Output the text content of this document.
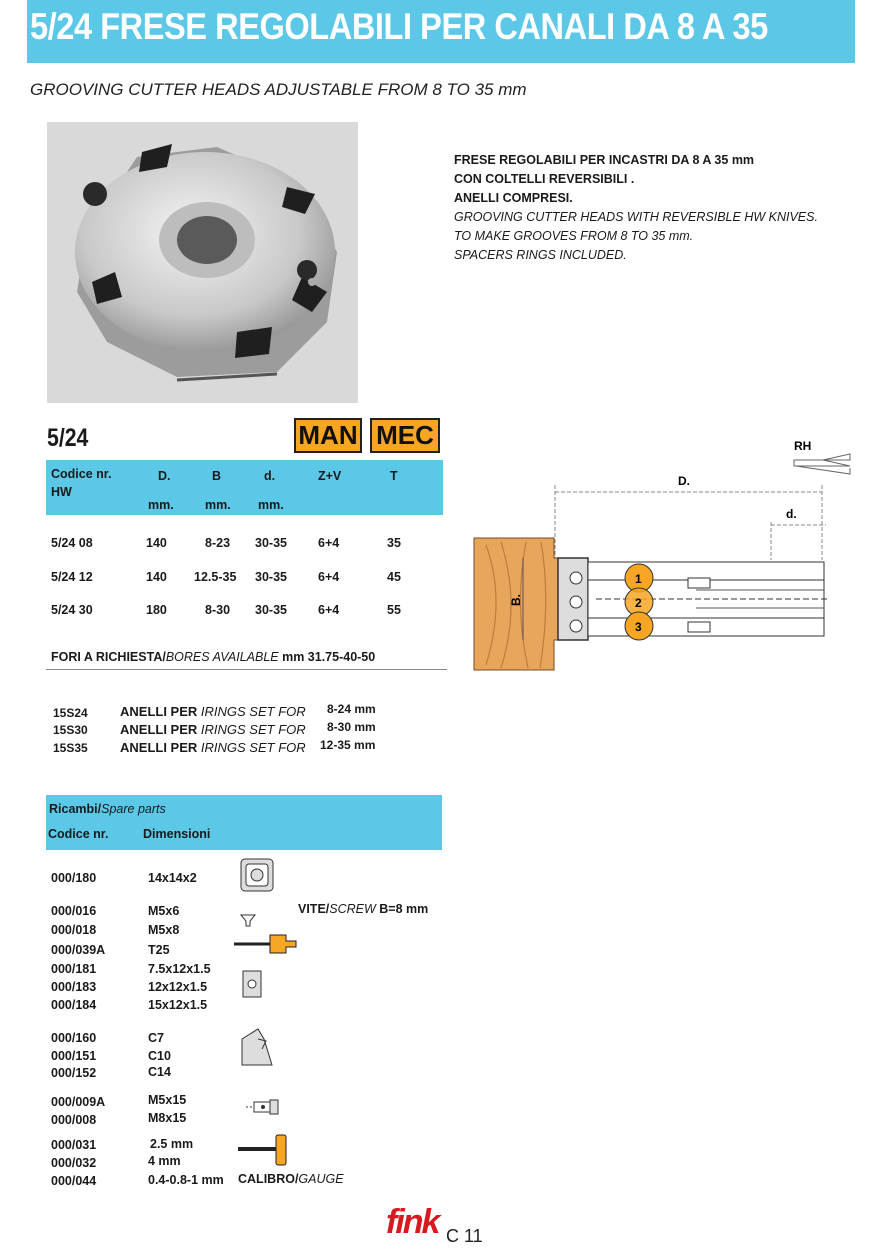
5/24 FRESE REGOLABILI PER CANALI DA 8 A 35
GROOVING CUTTER HEADS ADJUSTABLE FROM 8 TO 35 mm
FRESE REGOLABILI PER INCASTRI DA 8 A 35 mm
CON COLTELLI REVERSIBILI .
ANELLI COMPRESI.
GROOVING CUTTER HEADS WITH REVERSIBLE HW KNIVES.
TO MAKE GROOVES FROM 8 TO 35 mm.
SPACERS RINGS INCLUDED.
5/24	MAN MEC
Codice nr.
HW
D.	B	d.	Z+V	T
mm.	mm. mm.
5/24 08	140	8-23 30-35 6+4	35
5/24 12	140 12.5-35 30-35 6+4	45
5/24 30	180	8-30 30-35 6+4	55
FORI A RICHIESTA/BORES AVAILABLE mm 31.75-40-50
15S24 ANELLI PER IRINGS SET FOR 8-24 mm
15S30 ANELLI PER IRINGS SET FOR 8-30 mm
15S35 ANELLI PER IRINGS SET FOR 12-35 mm
RH
D.
d.
B.
1
2
3
Ricambi/Spare parts
Codice nr.	Dimensioni
000/180	14x14x2
000/016	M5x6
000/018	M5x8
000/039A	T25
000/181	7.5x12x1.5
000/183	12x12x1.5
000/184	15x12x1.5
000/160	C7
000/151	C10
000/152	C14
000/009A	M5x15
000/008	M8x15
000/031	2.5 mm
000/032	4 mm
000/044	0.4-0.8-1 mm
VITE/SCREW B=8 mm
CALIBRO/GAUGE
fink C 11
